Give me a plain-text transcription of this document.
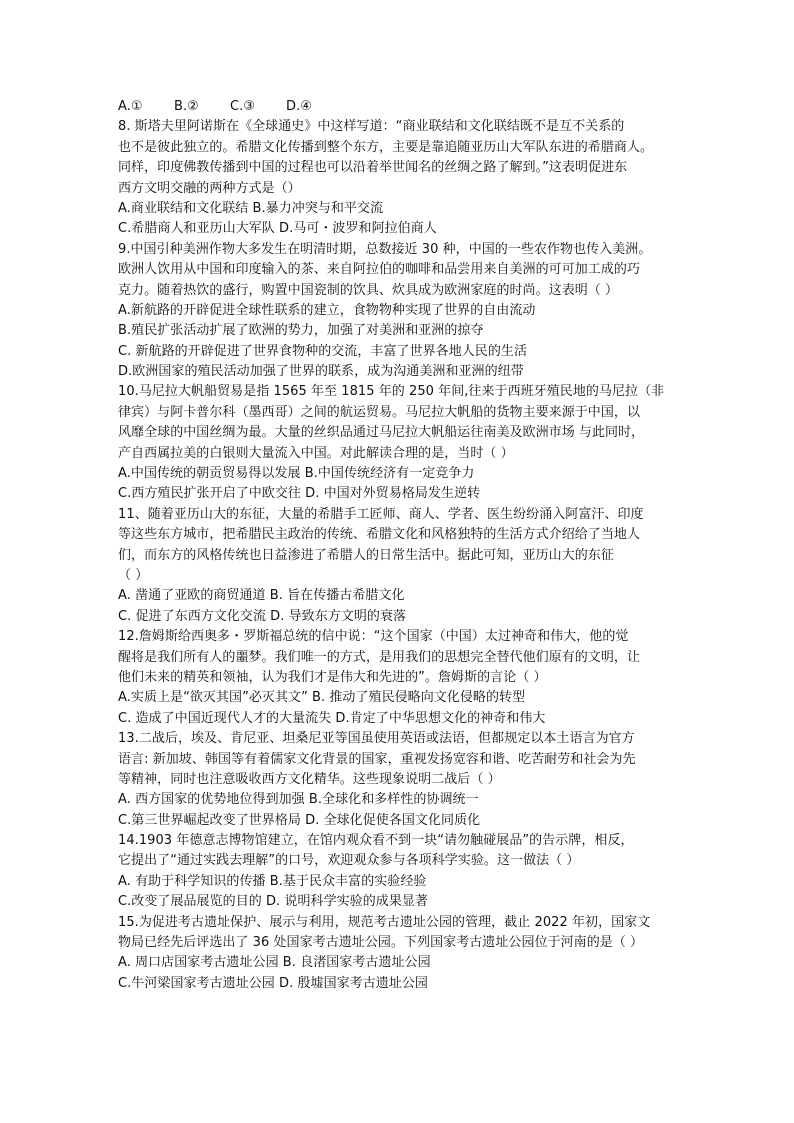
A.①	B.②	C.③	D.④
8. 斯塔夫里阿诺斯在《全球通史》中这样写道：“商业联结和文化联结既不是互不关系的
也不是彼此独立的。希腊文化传播到整个东方，主要是靠追随亚历山大军队东进的希腊商人。
同样，印度佛教传播到中国的过程也可以沿着举世闻名的丝绸之路了解到。”这表明促进东
西方文明交融的两种方式是（）
A.商业联结和文化联结 B.暴力冲突与和平交流
C.希腊商人和亚历山大军队 D.马可・波罗和阿拉伯商人
9.中国引种美洲作物大多发生在明清时期，总数接近 30 种，中国的一些农作物也传入美洲。
欧洲人饮用从中国和印度输入的茶、来自阿拉伯的咖啡和品尝用来自美洲的可可加工成的巧
克力。随着热饮的盛行，购置中国瓷制的饮具、炊具成为欧洲家庭的时尚。这表明（ ）
A.新航路的开辟促进全球性联系的建立，食物物种实现了世界的自由流动
B.殖民扩张活动扩展了欧洲的势力，加强了对美洲和亚洲的掠夺
C. 新航路的开辟促进了世界食物种的交流，丰富了世界各地人民的生活
D.欧洲国家的殖民活动加强了世界的联系，成为沟通美洲和亚洲的纽带
10.马尼拉大帆船贸易是指 1565 年至 1815 年的 250 年间,往来于西班牙殖民地的马尼拉（非
律宾）与阿卡普尔科（墨西哥）之间的航运贸易。马尼拉大帆船的货物主要来源于中国，以
风靡全球的中国丝绸为最。大量的丝织品通过马尼拉大帆船运往南美及欧洲市场 与此同时，
产自西属拉美的白银则大量流入中国。对此解读合理的是，当时（ ）
A.中国传统的朝贡贸易得以发展 B.中国传统经济有一定竞争力
C.西方殖民扩张开启了中欧交往 D. 中国对外贸易格局发生逆转
11、随着亚历山大的东征，大量的希腊手工匠师、商人、学者、医生纷纷涌入阿富汗、印度
等这些东方城市，把希腊民主政治的传统、希腊文化和风格独特的生活方式介绍给了当地人
们，而东方的风格传统也日益渗进了希腊人的日常生活中。据此可知，亚历山大的东征
（ ）
A. 凿通了亚欧的商贸通道 B. 旨在传播古希腊文化
C. 促进了东西方文化交流 D. 导致东方文明的衰落
12.詹姆斯给西奥多・罗斯福总统的信中说：“这个国家（中国）太过神奇和伟大，他的觉
醒将是我们所有人的噩梦。我们唯一的方式，是用我们的思想完全替代他们原有的文明，让
他们未来的精英和领袖，认为我们才是伟大和先进的”。詹姆斯的言论（ ）
A.实质上是“欲灭其国”必灭其文” B. 推动了殖民侵略向文化侵略的转型
C. 造成了中国近现代人才的大量流失 D.肯定了中华思想文化的神奇和伟大
13.二战后，埃及、肯尼亚、坦桑尼亚等国虽使用英语或法语，但都规定以本土语言为官方
语言: 新加坡、韩国等有着儒家文化背景的国家，重视发扬宽容和谐、吃苦耐劳和社会为先
等精神，同时也注意吸收西方文化精华。这些现象说明二战后（ ）
A. 西方国家的优势地位得到加强 B.全球化和多样性的协调统一
C.第三世界崛起改变了世界格局 D. 全球化促使各国文化同质化
14.1903 年德意志博物馆建立，在馆内观众看不到一块“请勿触碰展品”的告示牌，相反，
它提出了“通过实践去理解”的口号，欢迎观众参与各项科学实验。这一做法（ ）
A. 有助于科学知识的传播 B.基于民众丰富的实验经验
C.改变了展品展览的目的 D. 说明科学实验的成果显著
15.为促进考古遗址保护、展示与利用，规范考古遗址公园的管理，截止 2022 年初，国家文
物局已经先后评选出了 36 处国家考古遗址公园。下列国家考古遗址公园位于河南的是（ ）
A. 周口店国家考古遗址公园 B. 良渚国家考古遗址公园
C.牛河梁国家考古遗址公园 D. 殷墟国家考古遗址公园
